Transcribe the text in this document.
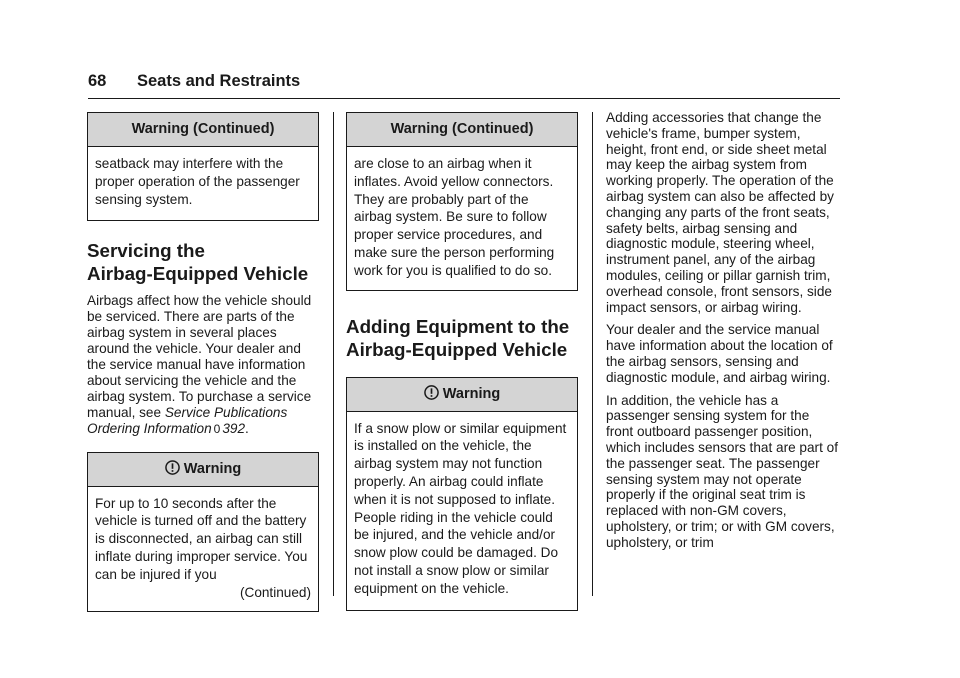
68 Seats and Restraints
Warning (Continued)
seatback may interfere with the proper operation of the passenger sensing system.
Servicing the
Airbag-Equipped Vehicle

Airbags affect how the vehicle should be serviced. There are parts of the airbag system in several places around the vehicle. Your dealer and the service manual have information about servicing the vehicle and the airbag system. To purchase a service manual, see Service Publications Ordering Information 0 392.

Warning
For up to 10 seconds after the vehicle is turned off and the battery is disconnected, an airbag can still inflate during improper service. You can be injured if you
(Continued)
Warning (Continued)
are close to an airbag when it inflates. Avoid yellow connectors. They are probably part of the airbag system. Be sure to follow proper service procedures, and make sure the person performing work for you is qualified to do so.
Adding Equipment to the
Airbag-Equipped Vehicle
Warning
If a snow plow or similar equipment is installed on the vehicle, the airbag system may not function properly. An airbag could inflate when it is not supposed to inflate. People riding in the vehicle could be injured, and the vehicle and/or snow plow could be damaged. Do not install a snow plow or similar equipment on the vehicle.

Adding accessories that change the vehicle's frame, bumper system, height, front end, or side sheet metal may keep the airbag system from working properly. The operation of the airbag system can also be affected by changing any parts of the front seats, safety belts, airbag sensing and diagnostic module, steering wheel, instrument panel, any of the airbag modules, ceiling or pillar garnish trim, overhead console, front sensors, side impact sensors, or airbag wiring.

Your dealer and the service manual have information about the location of the airbag sensors, sensing and diagnostic module, and airbag wiring.

In addition, the vehicle has a passenger sensing system for the front outboard passenger position, which includes sensors that are part of the passenger seat. The passenger sensing system may not operate properly if the original seat trim is replaced with non-GM covers, upholstery, or trim; or with GM covers, upholstery, or trim
